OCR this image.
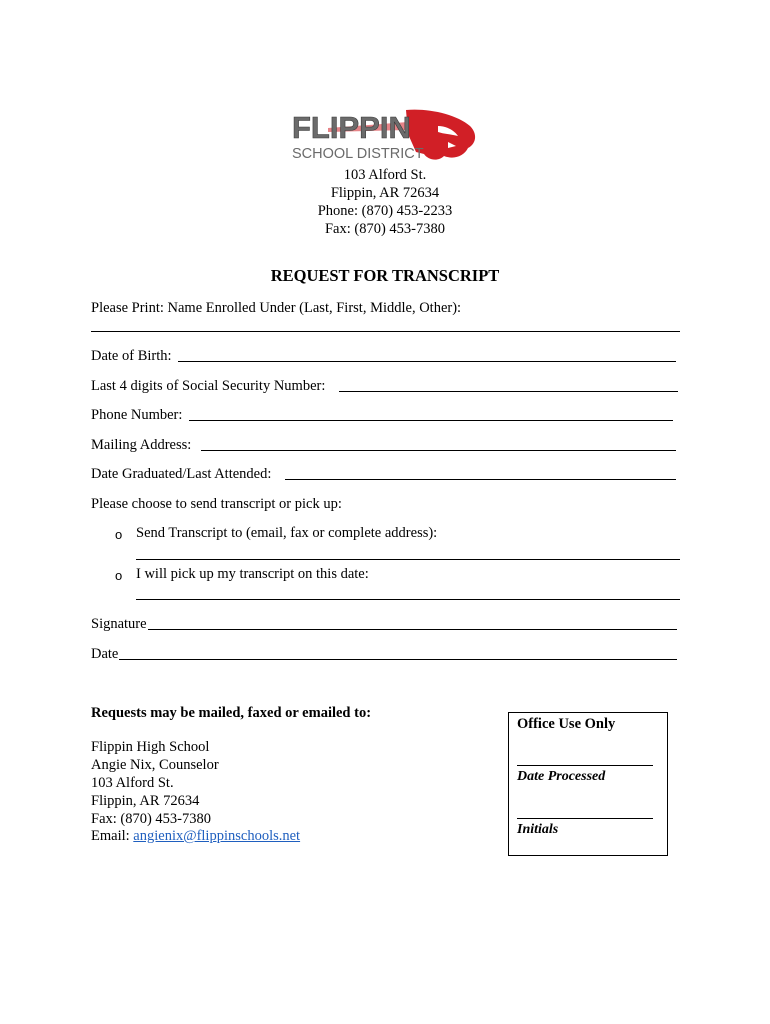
FLIPPIN
SCHOOL DISTRICT
103 Alford St.
Flippin, AR 72634
Phone: (870) 453-2233
Fax: (870) 453-7380
REQUEST FOR TRANSCRIPT
Please Print: Name Enrolled Under (Last, First, Middle, Other):
Date of Birth:
Last 4 digits of Social Security Number:
Phone Number:
Mailing Address:
Date Graduated/Last Attended:
Please choose to send transcript or pick up:
o Send Transcript to (email, fax or complete address):
o I will pick up my transcript on this date:
Signature
Date
Requests may be mailed, faxed or emailed to:
Flippin High School
Angie Nix, Counselor
103 Alford St.
Flippin, AR 72634
Fax: (870) 453-7380
Email: angienix@flippinschools.net
Office Use Only
Date Processed
Initials
